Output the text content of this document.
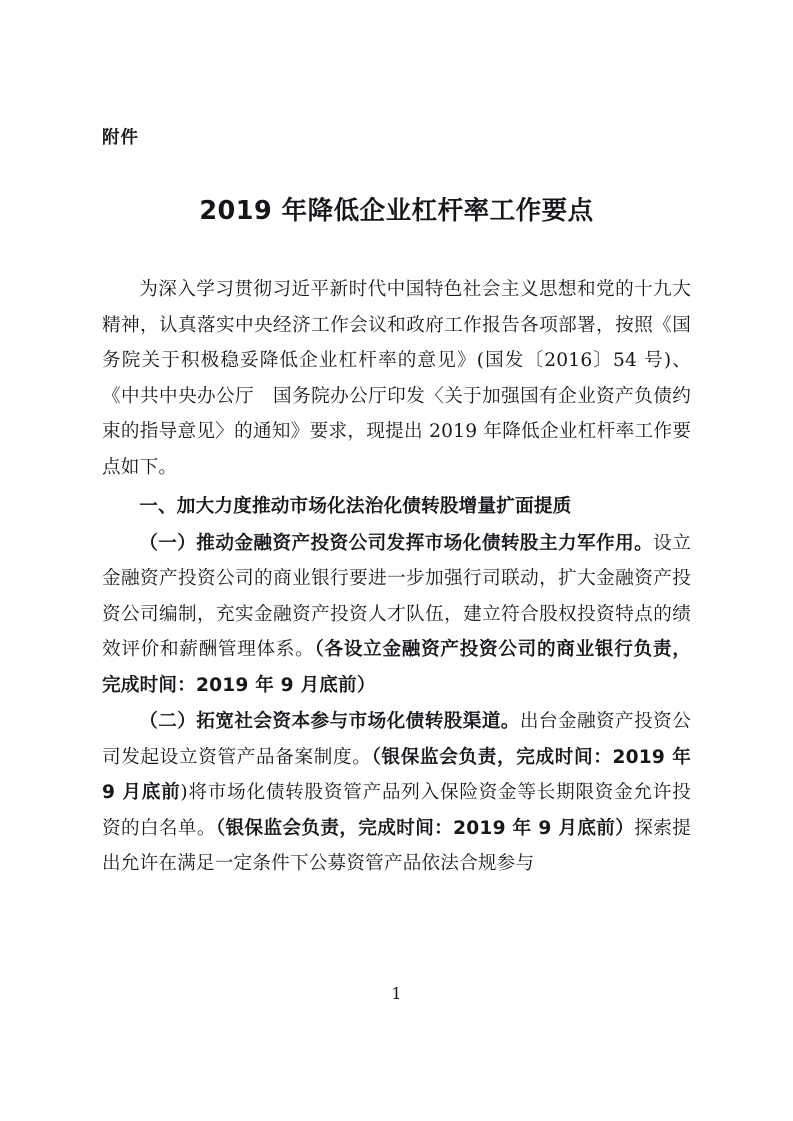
附件
2019 年降低企业杠杆率工作要点

为深入学习贯彻习近平新时代中国特色社会主义思想和党的十九大精神，认真落实中央经济工作会议和政府工作报告各项部署，按照《国务院关于积极稳妥降低企业杠杆率的意见》(国发〔2016〕54 号)、《中共中央办公厅　国务院办公厅印发〈关于加强国有企业资产负债约束的指导意见〉的通知》要求，现提出 2019 年降低企业杠杆率工作要点如下。

一、加大力度推动市场化法治化债转股增量扩面提质

（一）推动金融资产投资公司发挥市场化债转股主力军作用。设立金融资产投资公司的商业银行要进一步加强行司联动，扩大金融资产投资公司编制，充实金融资产投资人才队伍，建立符合股权投资特点的绩效评价和薪酬管理体系。（各设立金融资产投资公司的商业银行负责，完成时间：2019 年 9 月底前）

（二）拓宽社会资本参与市场化债转股渠道。出台金融资产投资公司发起设立资管产品备案制度。（银保监会负责，完成时间：2019 年 9 月底前)将市场化债转股资管产品列入保险资金等长期限资金允许投资的白名单。（银保监会负责，完成时间：2019 年 9 月底前）探索提出允许在满足一定条件下公募资管产品依法合规参与

1
